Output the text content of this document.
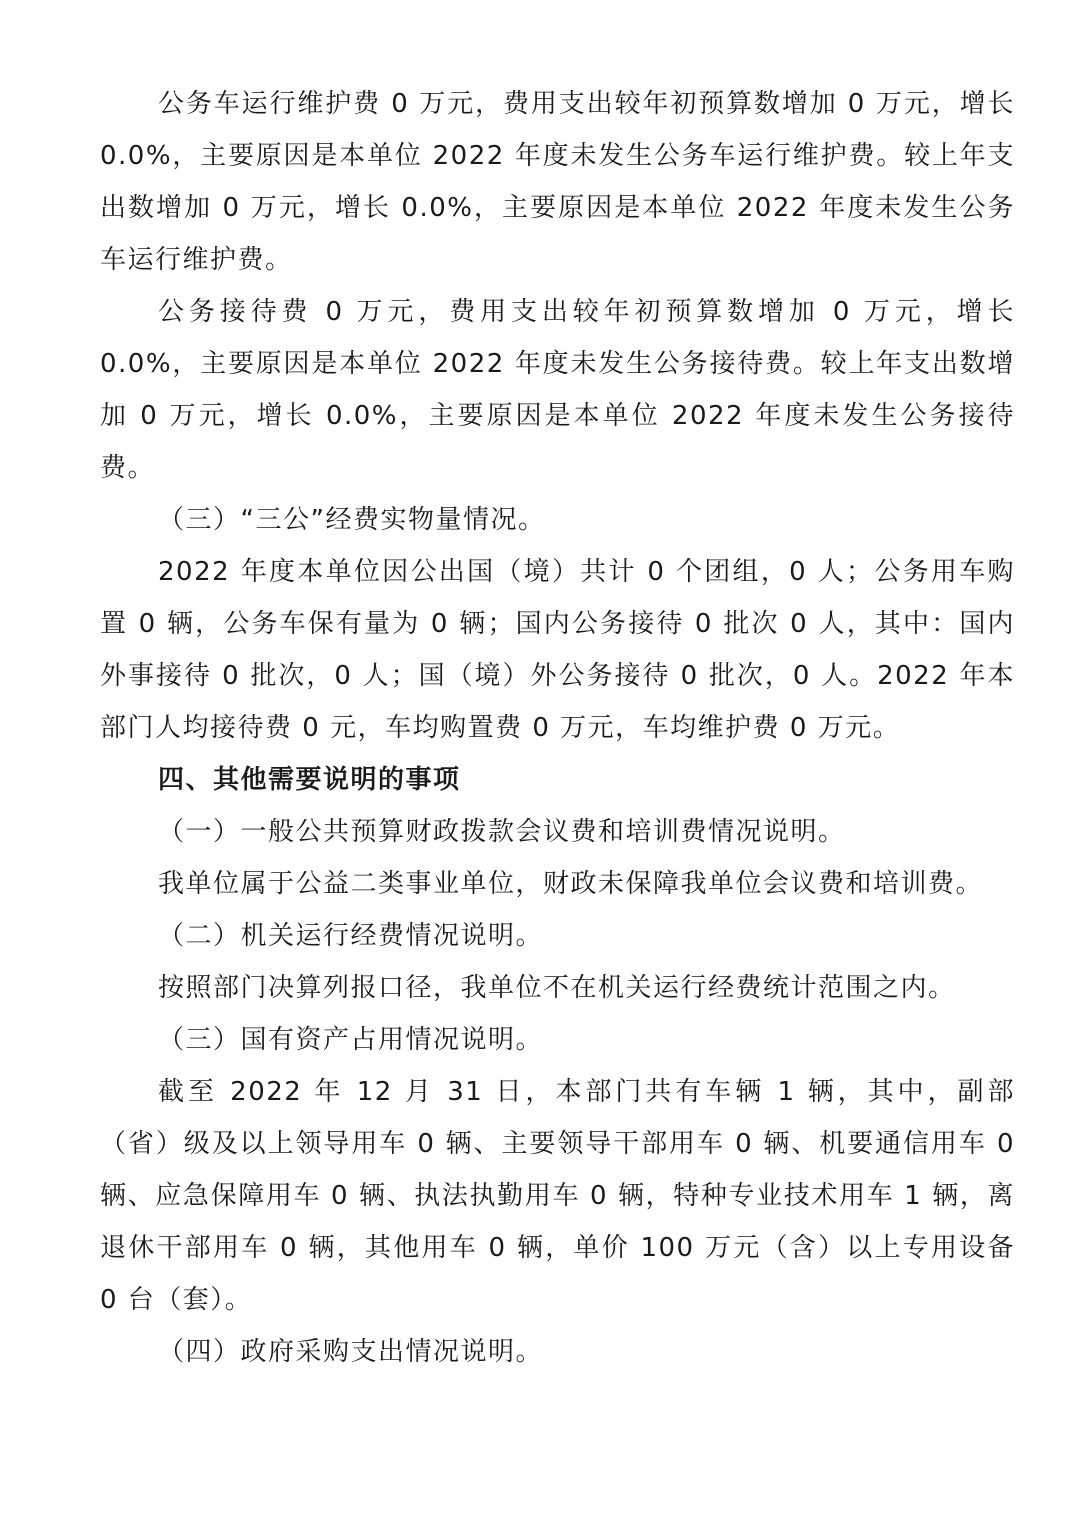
公务车运行维护费 0 万元，费用支出较年初预算数增加 0 万元，增长 0.0%，主要原因是本单位 2022 年度未发生公务车运行维护费。较上年支出数增加 0 万元，增长 0.0%，主要原因是本单位 2022 年度未发生公务车运行维护费。

公务接待费 0 万元，费用支出较年初预算数增加 0 万元，增长 0.0%，主要原因是本单位 2022 年度未发生公务接待费。较上年支出数增加 0 万元，增长 0.0%，主要原因是本单位 2022 年度未发生公务接待费。

（三）“三公”经费实物量情况。

2022 年度本单位因公出国（境）共计 0 个团组，0 人；公务用车购置 0 辆，公务车保有量为 0 辆；国内公务接待 0 批次 0 人，其中：国内外事接待 0 批次，0 人；国（境）外公务接待 0 批次，0 人。2022 年本部门人均接待费 0 元，车均购置费 0 万元，车均维护费 0 万元。

四、其他需要说明的事项

（一）一般公共预算财政拨款会议费和培训费情况说明。

我单位属于公益二类事业单位，财政未保障我单位会议费和培训费。

（二）机关运行经费情况说明。

按照部门决算列报口径，我单位不在机关运行经费统计范围之内。

（三）国有资产占用情况说明。

截至 2022 年 12 月 31 日，本部门共有车辆 1 辆，其中，副部（省）级及以上领导用车 0 辆、主要领导干部用车 0 辆、机要通信用车 0 辆、应急保障用车 0 辆、执法执勤用车 0 辆，特种专业技术用车 1 辆，离退休干部用车 0 辆，其他用车 0 辆，单价 100 万元（含）以上专用设备 0 台（套）。

（四）政府采购支出情况说明。
